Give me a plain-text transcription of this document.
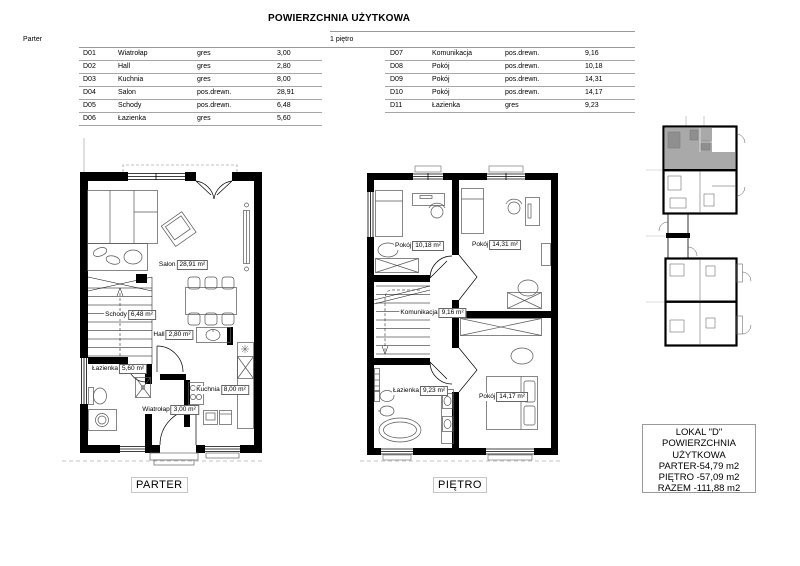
POWIERZCHNIA UŻYTKOWA
Parter	1 piętro
D01	Wiatrołap	gres	3,00
D02	Hall	gres	2,80
D03	Kuchnia	gres	8,00
D04	Salon	pos.drewn.	28,91
D05	Schody	pos.drewn.	6,48
D06	Łazienka	gres	5,60
D07	Komunikacja	pos.drewn.	9,16
D08	Pokój	pos.drewn.	10,18
D09	Pokój	pos.drewn.	14,31
D10	Pokój	pos.drewn.	14,17
D11	Łazienka	gres	9,23
Salon 28,91 m²
Schody 6,48 m²
Hall 2,80 m²
Łazienka 5,60 m²
Wiatrołap 3,00 m²
Kuchnia 8,00 m²
Pokój 10,18 m²	Pokój 14,31 m²
Komunikacja 9,16 m²
Łazienka 9,23 m²
Pokój 14,17 m²
PARTER	PIĘTRO
LOKAL "D"
POWIERZCHNIA
UŻYTKOWA
PARTER-54,79 m2
PIĘTRO -57,09 m2
RAZEM -111,88 m2
